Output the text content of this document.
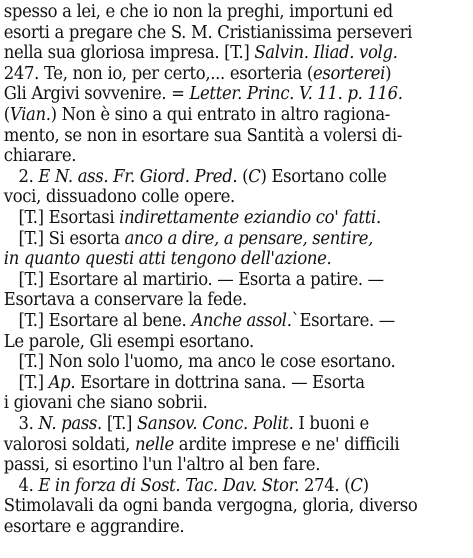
spesso a lei, e che io non la preghi, importuni ed
esorti a pregare che S. M. Cristianissima perseveri
nella sua gloriosa impresa. [T.] Salvin. Iliad. volg.
247. Te, non io, per certo,... esorteria (esorterei)
Gli Argivi sovvenire. = Letter. Princ. V. 11. p. 116.
(Vian.) Non è sino a qui entrato in altro ragiona-
mento, se non in esortare sua Santità a volersi di-
chiarare.
2. E N. ass. Fr. Giord. Pred. (C) Esortano colle
voci, dissuadono colle opere.
[T.] Esortasi indirettamente eziandio co' fatti.
[T.] Si esorta anco a dire, a pensare, sentire,
in quanto questi atti tengono dell'azione.
[T.] Esortare al martirio. — Esorta a patire. —
Esortava a conservare la fede.
[T.] Esortare al bene. Anche assol.`Esortare. —
Le parole, Gli esempi esortano.
[T.] Non solo l'uomo, ma anco le cose esortano.
[T.] Ap. Esortare in dottrina sana. — Esorta
i giovani che siano sobrii.
3. N. pass. [T.] Sansov. Conc. Polit. I buoni e
valorosi soldati, nelle ardite imprese e ne' difficili
passi, si esortino l'un l'altro al ben fare.
4. E in forza di Sost. Tac. Dav. Stor. 274. (C)
Stimolavali da ogni banda vergogna, gloria, diverso
esortare e aggrandire.
